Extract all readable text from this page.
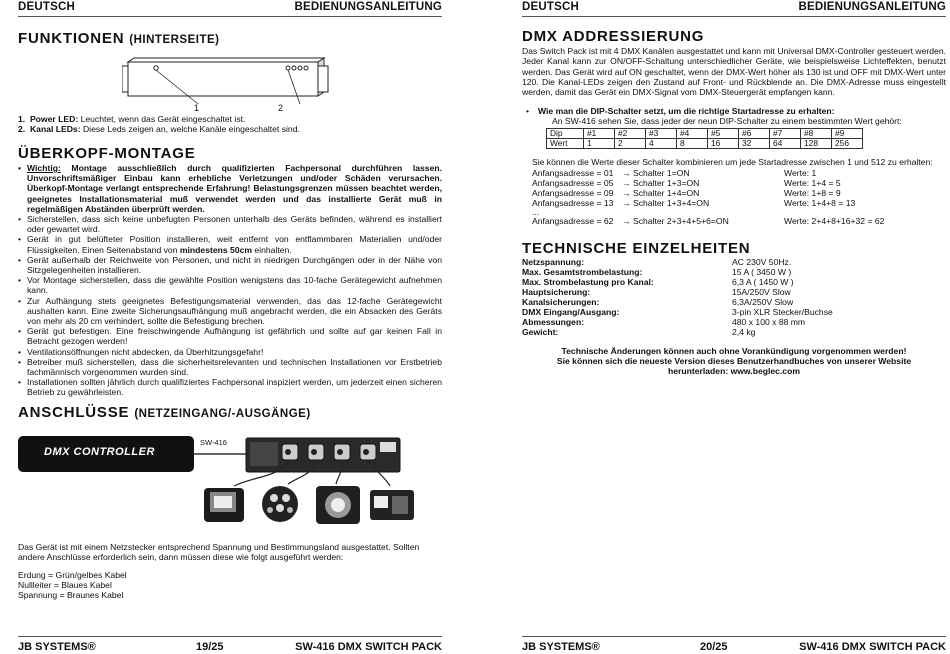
DEUTSCH	BEDIENUNGSANLEITUNG
FUNKTIONEN (HINTERSEITE)
1	2
1. Power LED: Leuchtet, wenn das Gerät eingeschaltet ist.
2. Kanal LEDs: Diese Leds zeigen an, welche Kanäle eingeschaltet sind.
ÜBERKOPF-MONTAGE
• Wichtig: Montage ausschließlich durch qualifizierten Fachpersonal durchführen lassen. Unvorschriftsmäßiger Einbau kann erhebliche Verletzungen und/oder Schäden verursachen. Überkopf-Montage verlangt entsprechende Erfahrung! Belastungsgrenzen müssen beachtet werden, geeignetes Installationsmaterial muß verwendet werden und das installierte Gerät muß in regelmäßigen Abständen überprüft werden.
• Sicherstellen, dass sich keine unbefugten Personen unterhalb des Geräts befinden, während es installiert oder gewartet wird.
• Gerät in gut belüfteter Position installieren, weit entfernt von entflammbaren Materialien und/oder Flüssigkeiten. Einen Seitenabstand von mindestens 50cm einhalten.
• Gerät außerhalb der Reichweite von Personen, und nicht in niedrigen Durchgängen oder in der Nähe von Sitzgelegenheiten installieren.
• Vor Montage sicherstellen, dass die gewählte Position wenigstens das 10-fache Gerätegewicht aufnehmen kann.
• Zur Aufhängung stets geeignetes Befestigungsmaterial verwenden, das das 12-fache Gerätegewicht aushalten kann. Eine zweite Sicherungsaufhängung muß angebracht werden, die ein Absacken des Geräts von mehr als 20 cm verhindert, sollte die Befestigung brechen.
• Gerät gut befestigen. Eine freischwingende Aufhängung ist gefährlich und sollte auf gar keinen Fall in Betracht gezogen werden!
• Ventilationsöffnungen nicht abdecken, da Überhitzungsgefahr!
• Betreiber muß sicherstellen, dass die sicherheitsrelevanten und technischen Installationen vor Erstbetrieb fachmännisch vorgenommen wurden sind.
• Installationen sollten jährlich durch qualifiziertes Fachpersonal inspiziert werden, um jederzeit einen sicheren Betrieb zu gewährleisten.
ANSCHLÜSSE (NETZEINGANG/-AUSGÄNGE)
DMX CONTROLLER
SW-416
Das Gerät ist mit einem Netzstecker entsprechend Spannung und Bestimmungsland ausgestattet. Sollten andere Anschlüsse erforderlich sein, dann müssen diese wie folgt ausgeführt werden:
Erdung = Grün/gelbes Kabel
Nullleiter = Blaues Kabel
Spannung = Braunes Kabel
JB SYSTEMS®	19/25	SW-416 DMX SWITCH PACK
DEUTSCH	BEDIENUNGSANLEITUNG
DMX ADDRESSIERUNG
Das Switch Pack ist mit 4 DMX Kanälen ausgestattet und kann mit Universal DMX-Controller gesteuert werden. Jeder Kanal kann zur ON/OFF-Schaltung unterschiedlicher Geräte, wie beispielsweise Lichteffekten, benutzt werden. Das Gerät wird auf ON geschaltet, wenn der DMX-Wert höher als 130 ist und OFF mit DMX-Wert unter 120. Die Kanal-LEDs zeigen den Zustand auf Front- und Rückblende an. Die DMX-Adresse muss eingestellt werden, damit das Gerät ein DMX-Signal vom DMX-Steuergerät empfangen kann.
• Wie man die DIP-Schalter setzt, um die richtige Startadresse zu erhalten:
An SW-416 sehen Sie, dass jeder der neun DIP-Schalter zu einem bestimmten Wert gehört:
Dip	#1	#2	#3	#4	#5	#6	#7	#8	#9
Wert	1	2	4	8	16	32	64	128	256
Sie können die Werte dieser Schalter kombinieren um jede Startadresse zwischen 1 und 512 zu erhalten:
Anfangsadresse = 01 → Schalter 1=ON	Werte: 1
Anfangsadresse = 05 → Schalter 1+3=ON	Werte: 1+4 = 5
Anfangsadresse = 09 → Schalter 1+4=ON	Werte: 1+8 = 9
Anfangsadresse = 13 → Schalter 1+3+4=ON	Werte: 1+4+8 = 13
...
Anfangsadresse = 62 → Schalter 2+3+4+5+6=ON	Werte: 2+4+8+16+32 = 62
TECHNISCHE EINZELHEITEN
Netzspannung:	AC 230V 50Hz.
Max. Gesamtstrombelastung:	15 A ( 3450 W )
Max. Strombelastung pro Kanal:	6,3 A ( 1450 W )
Hauptsicherung:	15A/250V Slow
Kanalsicherungen:	6,3A/250V Slow
DMX Eingang/Ausgang:	3-pin XLR Stecker/Buchse
Abmessungen:	480 x 100 x 88 mm
Gewicht:	2,4 kg
Technische Änderungen können auch ohne Vorankündigung vorgenommen werden!
Sie können sich die neueste Version dieses Benutzerhandbuches von unserer Website
herunterladen: www.beglec.com
JB SYSTEMS®	20/25	SW-416 DMX SWITCH PACK
